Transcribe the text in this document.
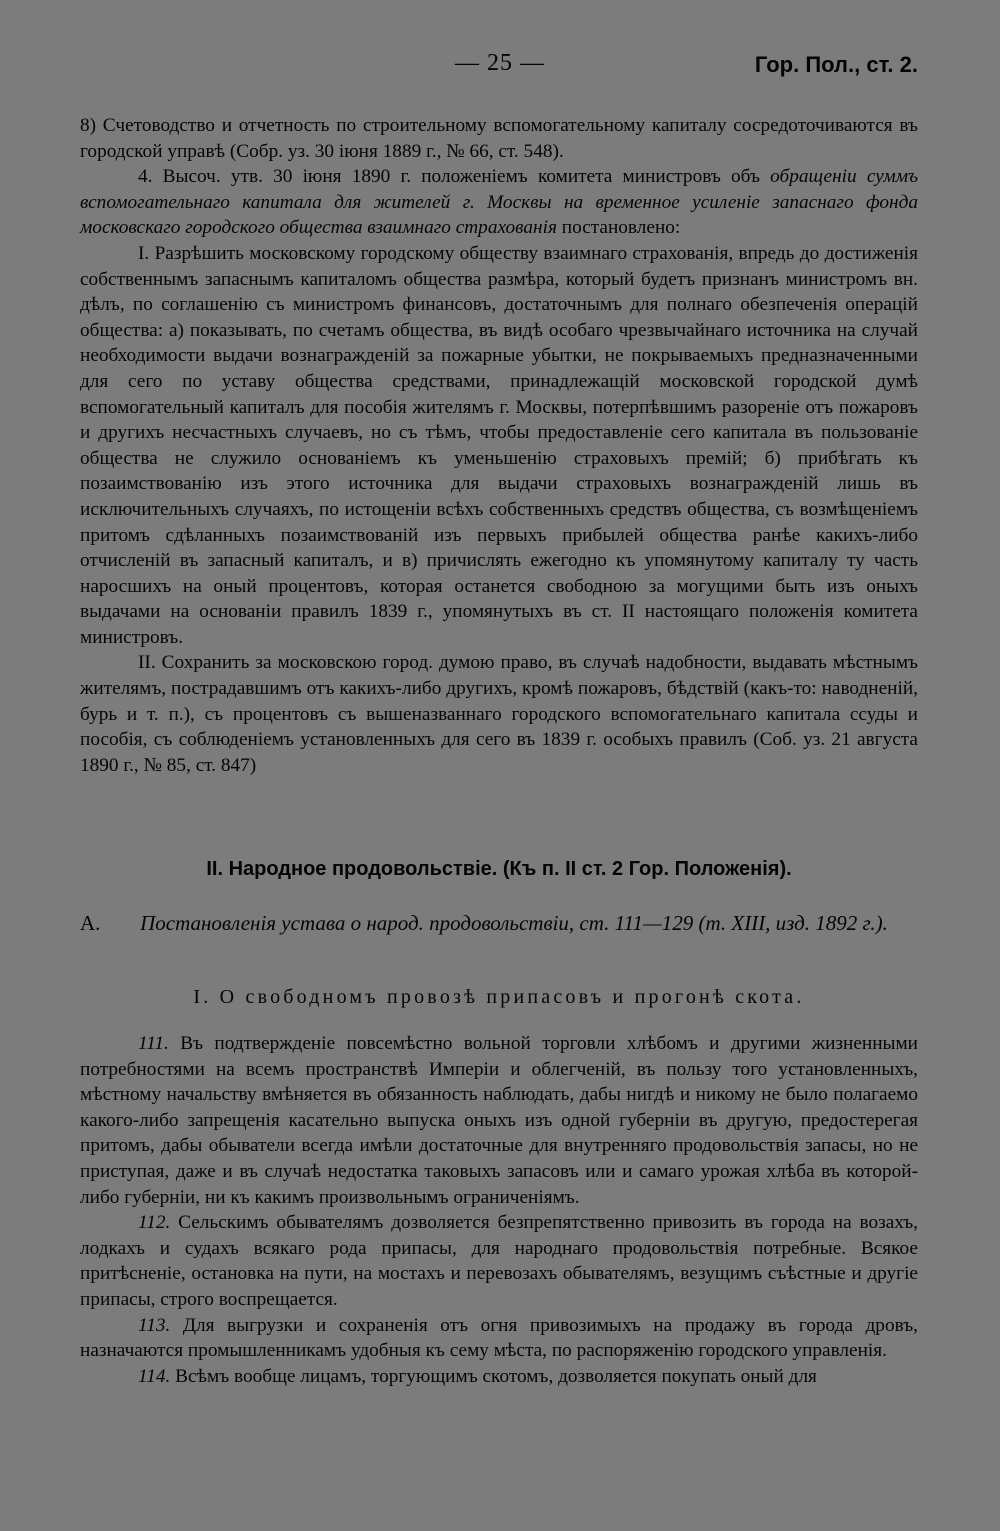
— 25 —	Гор. Пол., ст. 2.

8) Счетоводство и отчетность по строительному вспомогательному капиталу сосредоточиваются въ городской управѣ (Собр. уз. 30 іюня 1889 г., № 66, ст. 548).

4. Высоч. утв. 30 іюня 1890 г. положеніемъ комитета министровъ объ обращеніи суммъ вспомогательнаго капитала для жителей г. Москвы на временное усиленіе запаснаго фонда московскаго городского общества взаимнаго страхованія постановлено:

I. Разрѣшить московскому городскому обществу взаимнаго страхованія, впредь до достиженія собственнымъ запаснымъ капиталомъ общества размѣра, который будетъ признанъ министромъ вн. дѣлъ, по соглашенію съ министромъ финансовъ, достаточнымъ для полнаго обезпеченія операцій общества: а) показывать, по счетамъ общества, въ видѣ особаго чрезвычайнаго источника на случай необходимости выдачи вознагражденій за пожарные убытки, не покрываемыхъ предназначенными для сего по уставу общества средствами, принадлежащій московской городской думѣ вспомогательный капиталъ для пособія жителямъ г. Москвы, потерпѣвшимъ разореніе отъ пожаровъ и другихъ несчастныхъ случаевъ, но съ тѣмъ, чтобы предоставленіе сего капитала въ пользованіе общества не служило основаніемъ къ уменьшенію страховыхъ премій; б) прибѣгать къ позаимствованію изъ этого источника для выдачи страховыхъ вознагражденій лишь въ исключительныхъ случаяхъ, по истощеніи всѣхъ собственныхъ средствъ общества, съ возмѣщеніемъ притомъ сдѣланныхъ позаимствованій изъ первыхъ прибылей общества ранѣе какихъ-либо отчисленій въ запасный капиталъ, и в) причислять ежегодно къ упомянутому капиталу ту часть наросшихъ на оный процентовъ, которая останется свободною за могущими быть изъ оныхъ выдачами на основаніи правилъ 1839 г., упомянутыхъ въ ст. II настоящаго положенія комитета министровъ.

II. Сохранить за московскою город. думою право, въ случаѣ надобности, выдавать мѣстнымъ жителямъ, пострадавшимъ отъ какихъ-либо другихъ, кромѣ пожаровъ, бѣдствій (какъ-то: наводненій, бурь и т. п.), съ процентовъ съ вышеназваннаго городского вспомогательнаго капитала ссуды и пособія, съ соблюденіемъ установленныхъ для сего въ 1839 г. особыхъ правилъ (Соб. уз. 21 августа 1890 г., № 85, ст. 847)

II. Народное продовольствіе. (Къ п. II ст. 2 Гор. Положенія).
А.	Постановленія устава о народ. продовольствіи, ст. 111—129 (т. XIII, изд. 1892 г.).
I. О свободномъ провозѣ припасовъ и прогонѣ скота.

111. Въ подтвержденіе повсемѣстно вольной торговли хлѣбомъ и другими жизненными потребностями на всемъ пространствѣ Имперіи и облегченій, въ пользу того установленныхъ, мѣстному начальству вмѣняется въ обязанность наблюдать, дабы нигдѣ и никому не было полагаемо какого-либо запрещенія касательно выпуска оныхъ изъ одной губерніи въ другую, предостерегая притомъ, дабы обыватели всегда имѣли достаточные для внутренняго продовольствія запасы, но не приступая, даже и въ случаѣ недостатка таковыхъ запасовъ или и самаго урожая хлѣба въ которой-либо губерніи, ни къ какимъ произвольнымъ ограниченіямъ.

112. Сельскимъ обывателямъ дозволяется безпрепятственно привозить въ города на возахъ, лодкахъ и судахъ всякаго рода припасы, для народнаго продовольствія потребные. Всякое притѣсненіе, остановка на пути, на мостахъ и перевозахъ обывателямъ, везущимъ съѣстные и другіе припасы, строго воспрещается.

113. Для выгрузки и сохраненія отъ огня привозимыхъ на продажу въ города дровъ, назначаются промышленникамъ удобныя къ сему мѣста, по распоряженію городского управленія.

114. Всѣмъ вообще лицамъ, торгующимъ скотомъ, дозволяется покупать оный для
